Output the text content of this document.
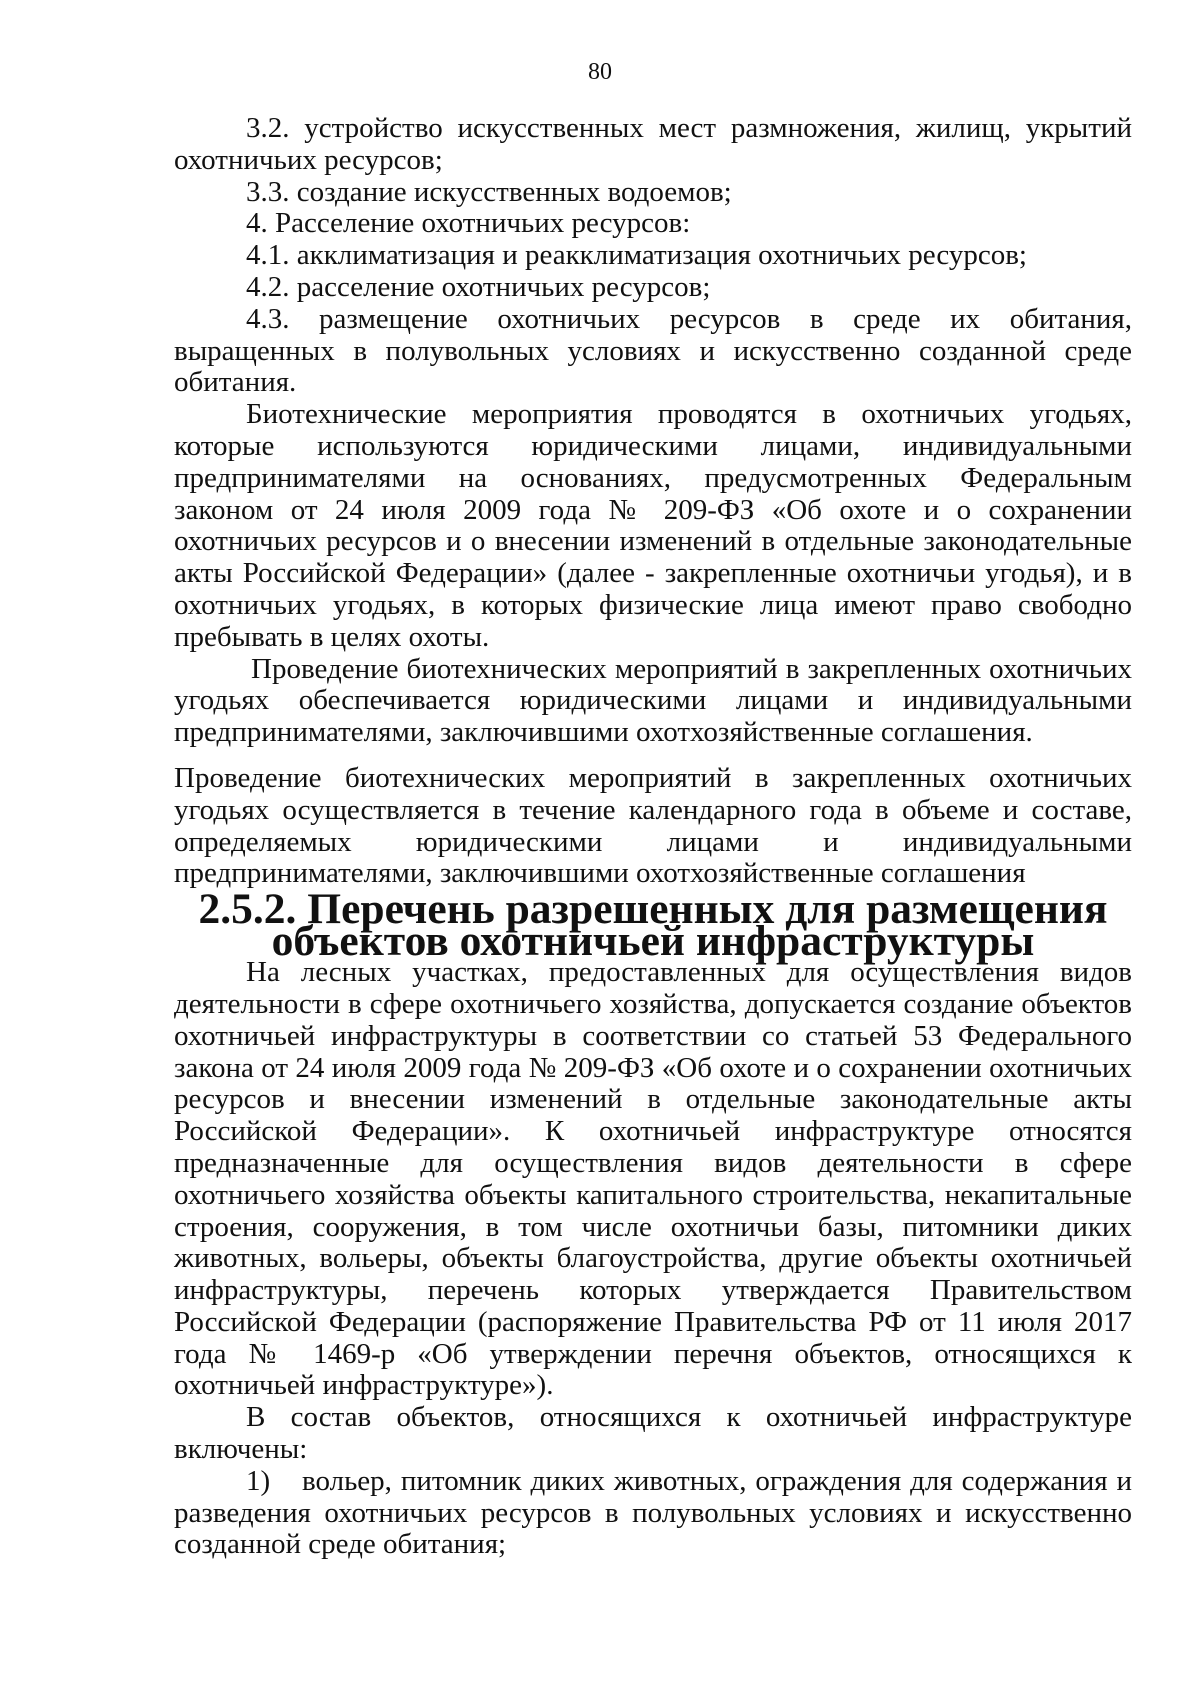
80

3.2. устройство искусственных мест размножения, жилищ, укрытий охотничьих ресурсов;

3.3. создание искусственных водоемов;

4. Расселение охотничьих ресурсов:

4.1. акклиматизация и реакклиматизация охотничьих ресурсов;

4.2. расселение охотничьих ресурсов;

4.3. размещение охотничьих ресурсов в среде их обитания, выращенных в полувольных условиях и искусственно созданной среде обитания.

Биотехнические мероприятия проводятся в охотничьих угодьях, которые используются юридическими лицами, индивидуальными предпринимателями на основаниях, предусмотренных Федеральным законом от 24 июля 2009 года № 209-ФЗ «Об охоте и о сохранении охотничьих ресурсов и о внесении изменений в отдельные законодательные акты Российской Федерации» (далее - закрепленные охотничьи угодья), и в охотничьих угодьях, в которых физические лица имеют право свободно пребывать в целях охоты.

Проведение биотехнических мероприятий в закрепленных охотничьих угодьях обеспечивается юридическими лицами и индивидуальными предпринимателями, заключившими охотхозяйственные соглашения.

Проведение биотехнических мероприятий в закрепленных охотничьих угодьях осуществляется в течение календарного года в объеме и составе, определяемых юридическими лицами и индивидуальными предпринимателями, заключившими охотхозяйственные соглашения

2.5.2. Перечень разрешенных для размещения объектов охотничьей инфраструктуры

На лесных участках, предоставленных для осуществления видов деятельности в сфере охотничьего хозяйства, допускается создание объектов охотничьей инфраструктуры в соответствии со статьей 53 Федерального закона от 24 июля 2009 года № 209-ФЗ «Об охоте и о сохранении охотничьих ресурсов и внесении изменений в отдельные законодательные акты Российской Федерации». К охотничьей инфраструктуре относятся предназначенные для осуществления видов деятельности в сфере охотничьего хозяйства объекты капитального строительства, некапитальные строения, сооружения, в том числе охотничьи базы, питомники диких животных, вольеры, объекты благоустройства, другие объекты охотничьей инфраструктуры, перечень которых утверждается Правительством Российской Федерации (распоряжение Правительства РФ от 11 июля 2017 года № 1469-р «Об утверждении перечня объектов, относящихся к охотничьей инфраструктуре»).

В состав объектов, относящихся к охотничьей инфраструктуре включены:

1) вольер, питомник диких животных, ограждения для содержания и разведения охотничьих ресурсов в полувольных условиях и искусственно созданной среде обитания;
